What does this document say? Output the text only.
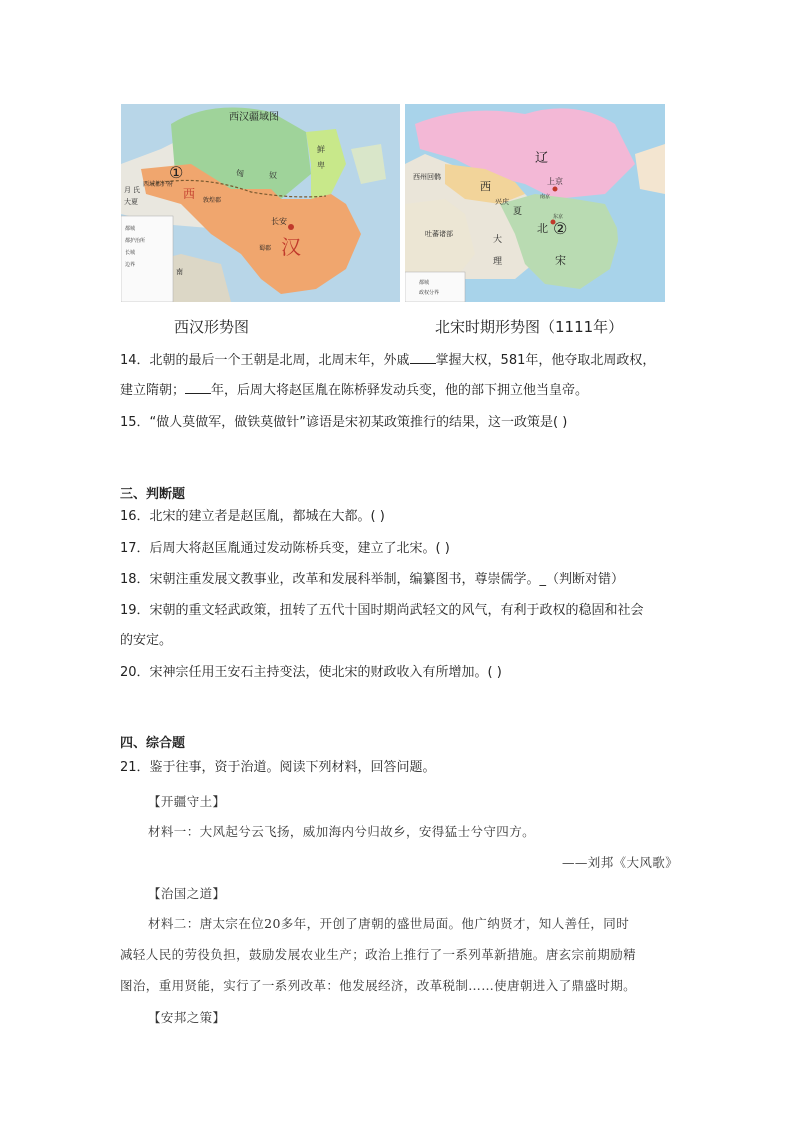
西汉疆域图
①	匈	奴
鲜
卑
西
汉
长安
西域都护府
敦煌郡
月 氏
大夏
蜀郡
南
都城
都护治所
长城
边界
西汉形势图
辽
上京
西州回鹘
西
夏
兴庆
南京
东京
北 ②
宋
大
理
吐蕃诸部
都城
政权分界
北宋时期形势图（1111年）
14．北朝的最后一个王朝是北周，北周末年，外戚 掌握大权，581年，他夺取北周政权，
建立隋朝； 年，后周大将赵匡胤在陈桥驿发动兵变，他的部下拥立他当皇帝。
15．“做人莫做军，做铁莫做针”谚语是宋初某政策推行的结果，这一政策是( )
三、判断题
16．北宋的建立者是赵匡胤，都城在大都。( )
17．后周大将赵匡胤通过发动陈桥兵变，建立了北宋。( )
18．宋朝注重发展文教事业，改革和发展科举制，编纂图书，尊崇儒学。_（判断对错）
19．宋朝的重文轻武政策，扭转了五代十国时期尚武轻文的风气，有利于政权的稳固和社会
的安定。
20．宋神宗任用王安石主持变法，使北宋的财政收入有所增加。( )
四、综合题
21．鉴于往事，资于治道。阅读下列材料，回答问题。
【开疆守土】
材料一：大风起兮云飞扬，威加海内兮归故乡，安得猛士兮守四方。
——刘邦《大风歌》
【治国之道】
材料二：唐太宗在位20多年，开创了唐朝的盛世局面。他广纳贤才，知人善任，同时
减轻人民的劳役负担，鼓励发展农业生产；政治上推行了一系列革新措施。唐玄宗前期励精
图治，重用贤能，实行了一系列改革：他发展经济，改革税制……使唐朝进入了鼎盛时期。
【安邦之策】
